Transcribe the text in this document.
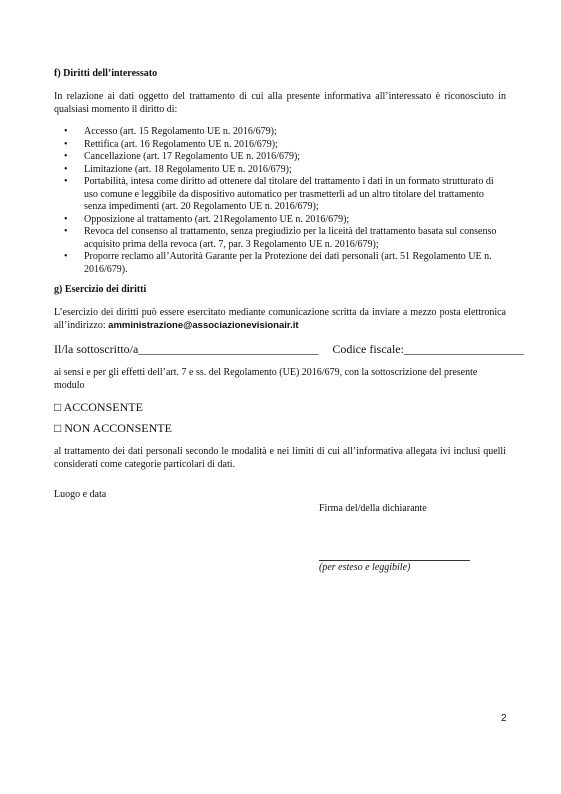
f) Diritti dell’interessato
In relazione ai dati oggetto del trattamento di cui alla presente informativa all’interessato è riconosciuto in qualsiasi momento il diritto di:
• Accesso (art. 15 Regolamento UE n. 2016/679);
• Rettifica (art. 16 Regolamento UE n. 2016/679);
• Cancellazione (art. 17 Regolamento UE n. 2016/679);
• Limitazione (art. 18 Regolamento UE n. 2016/679);
• Portabilità, intesa come diritto ad ottenere dal titolare del trattamento i dati in un formato strutturato di uso comune e leggibile da dispositivo automatico per trasmetterli ad un altro titolare del trattamento senza impedimenti (art. 20 Regolamento UE n. 2016/679);
• Opposizione al trattamento (art. 21Regolamento UE n. 2016/679);
• Revoca del consenso al trattamento, senza pregiudizio per la liceità del trattamento basata sul consenso acquisito prima della revoca (art. 7, par. 3 Regolamento UE n. 2016/679);
• Proporre reclamo all’Autorità Garante per la Protezione dei dati personali (art. 51 Regolamento UE n. 2016/679).
g) Esercizio dei diritti
L’esercizio dei diritti può essere esercitato mediante comunicazione scritta da inviare a mezzo posta elettronica all’indirizzo: amministrazione@associazionevisionair.it
Il/la sottoscritto/a______________________________ Codice fiscale:____________________
ai sensi e per gli effetti dell’art. 7 e ss. del Regolamento (UE) 2016/679, con la sottoscrizione del presente modulo
□ ACCONSENTE
□ NON ACCONSENTE
al trattamento dei dati personali secondo le modalità e nei limiti di cui all’informativa allegata ivi inclusi quelli considerati come categorie particolari di dati.
Luogo e data
Firma del/della dichiarante
(per esteso e leggibile)
2
